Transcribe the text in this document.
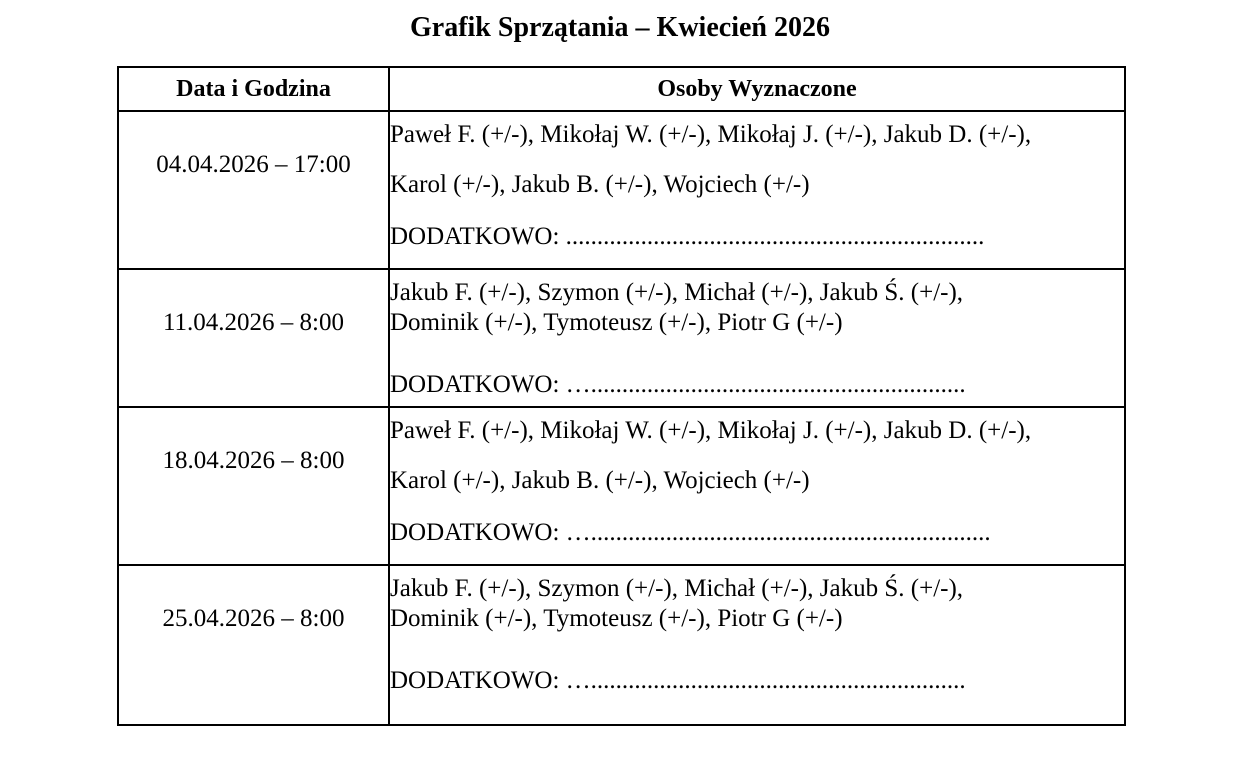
Grafik Sprzątania – Kwiecień 2026
Data i Godzina	Osoby Wyznaczone

04.04.2026 – 17:00	Paweł F. (+/-), Mikołaj W. (+/-), Mikołaj J. (+/-), Jakub D. (+/-),
Karol (+/-), Jakub B. (+/-), Wojciech (+/-)
DODATKOWO: ...................................................................

11.04.2026 – 8:00	Jakub F. (+/-), Szymon (+/-), Michał (+/-), Jakub Ś. (+/-),
Dominik (+/-), Tymoteusz (+/-), Piotr G (+/-)
DODATKOWO: …............................................................

18.04.2026 – 8:00	Paweł F. (+/-), Mikołaj W. (+/-), Mikołaj J. (+/-), Jakub D. (+/-),
Karol (+/-), Jakub B. (+/-), Wojciech (+/-)
DODATKOWO: …................................................................

25.04.2026 – 8:00	Jakub F. (+/-), Szymon (+/-), Michał (+/-), Jakub Ś. (+/-),
Dominik (+/-), Tymoteusz (+/-), Piotr G (+/-)
DODATKOWO: …............................................................
